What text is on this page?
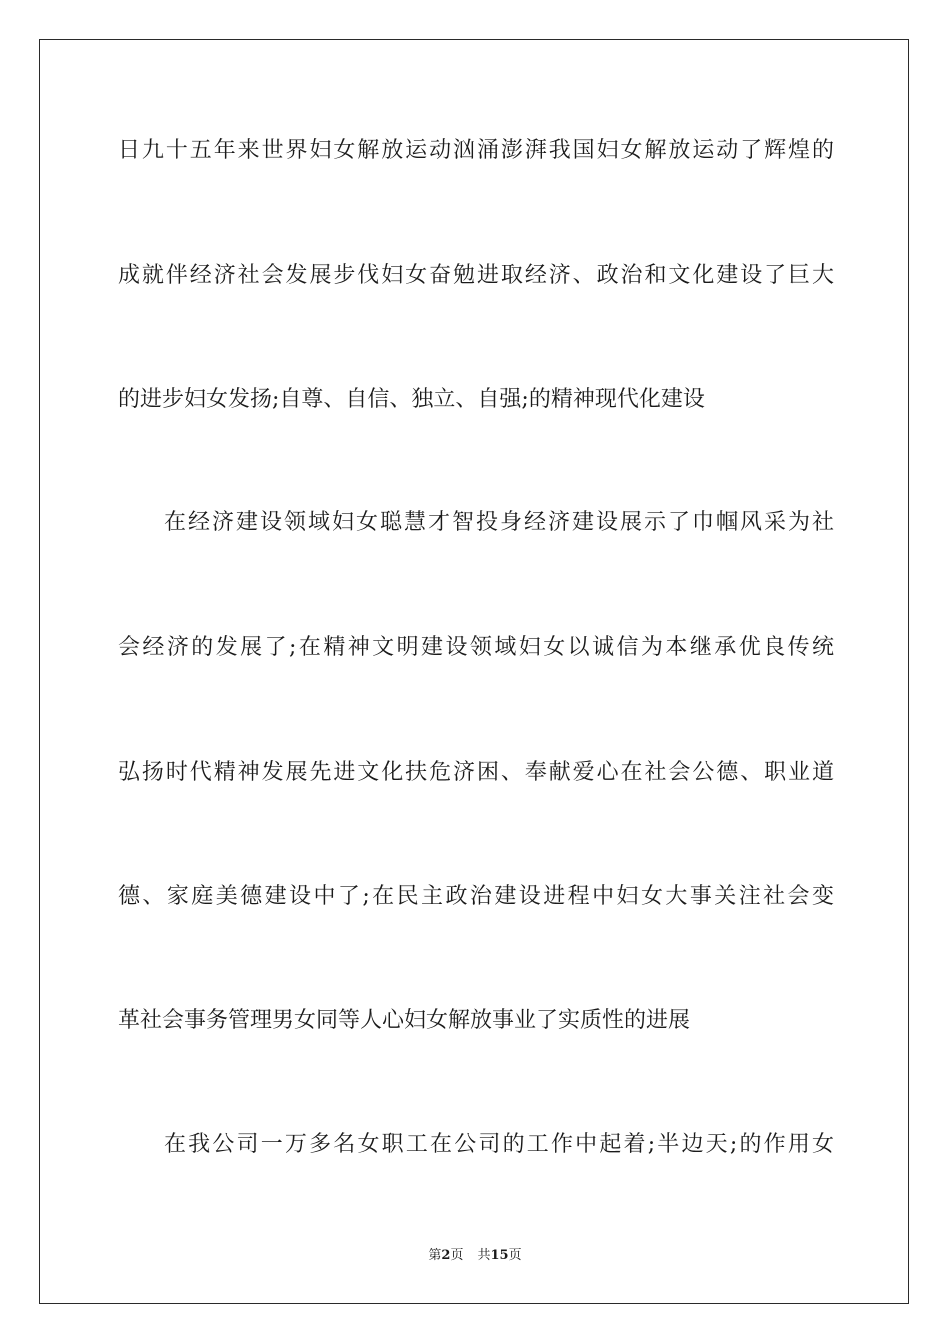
日九十五年来世界妇女解放运动汹涌澎湃我国妇女解放运动了辉煌的
成就伴经济社会发展步伐妇女奋勉进取经济、政治和文化建设了巨大
的进步妇女发扬;自尊、自信、独立、自强;的精神现代化建设
在经济建设领域妇女聪慧才智投身经济建设展示了巾帼风采为社
会经济的发展了;在精神文明建设领域妇女以诚信为本继承优良传统
弘扬时代精神发展先进文化扶危济困、奉献爱心在社会公德、职业道
德、家庭美德建设中了;在民主政治建设进程中妇女大事关注社会变
革社会事务管理男女同等人心妇女解放事业了实质性的进展
在我公司一万多名女职工在公司的工作中起着;半边天;的作用女
第2页 共15页
